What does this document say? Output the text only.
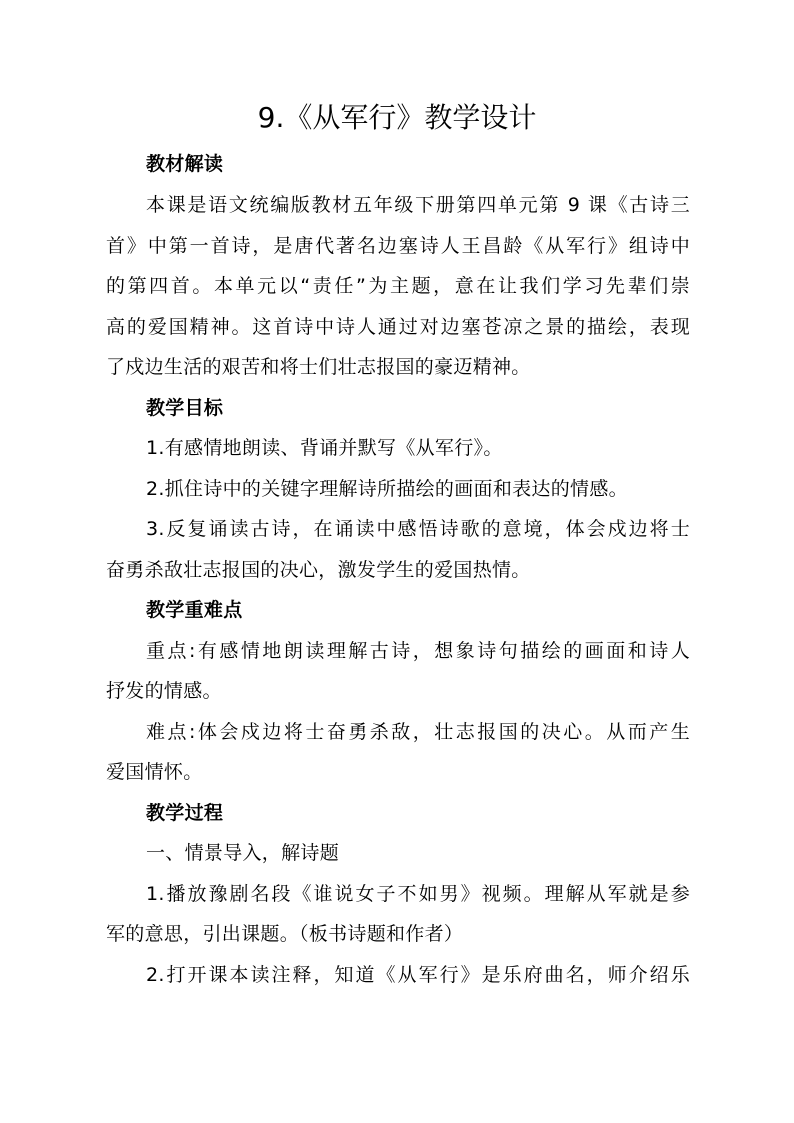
9.《从军行》教学设计
教材解读
本课是语文统编版教材五年级下册第四单元第 9 课《古诗三
首》中第一首诗，是唐代著名边塞诗人王昌龄《从军行》组诗中
的第四首。本单元以“责任”为主题，意在让我们学习先辈们崇
高的爱国精神。这首诗中诗人通过对边塞苍凉之景的描绘，表现
了戍边生活的艰苦和将士们壮志报国的豪迈精神。
教学目标
1.有感情地朗读、背诵并默写《从军行》。
2.抓住诗中的关键字理解诗所描绘的画面和表达的情感。
3.反复诵读古诗，在诵读中感悟诗歌的意境，体会戍边将士
奋勇杀敌壮志报国的决心，激发学生的爱国热情。
教学重难点
重点:有感情地朗读理解古诗，想象诗句描绘的画面和诗人
抒发的情感。
难点:体会戍边将士奋勇杀敌，壮志报国的决心。从而产生
爱国情怀。
教学过程
一、情景导入，解诗题
1.播放豫剧名段《谁说女子不如男》视频。理解从军就是参
军的意思，引出课题。（板书诗题和作者）
2.打开课本读注释，知道《从军行》是乐府曲名，师介绍乐
